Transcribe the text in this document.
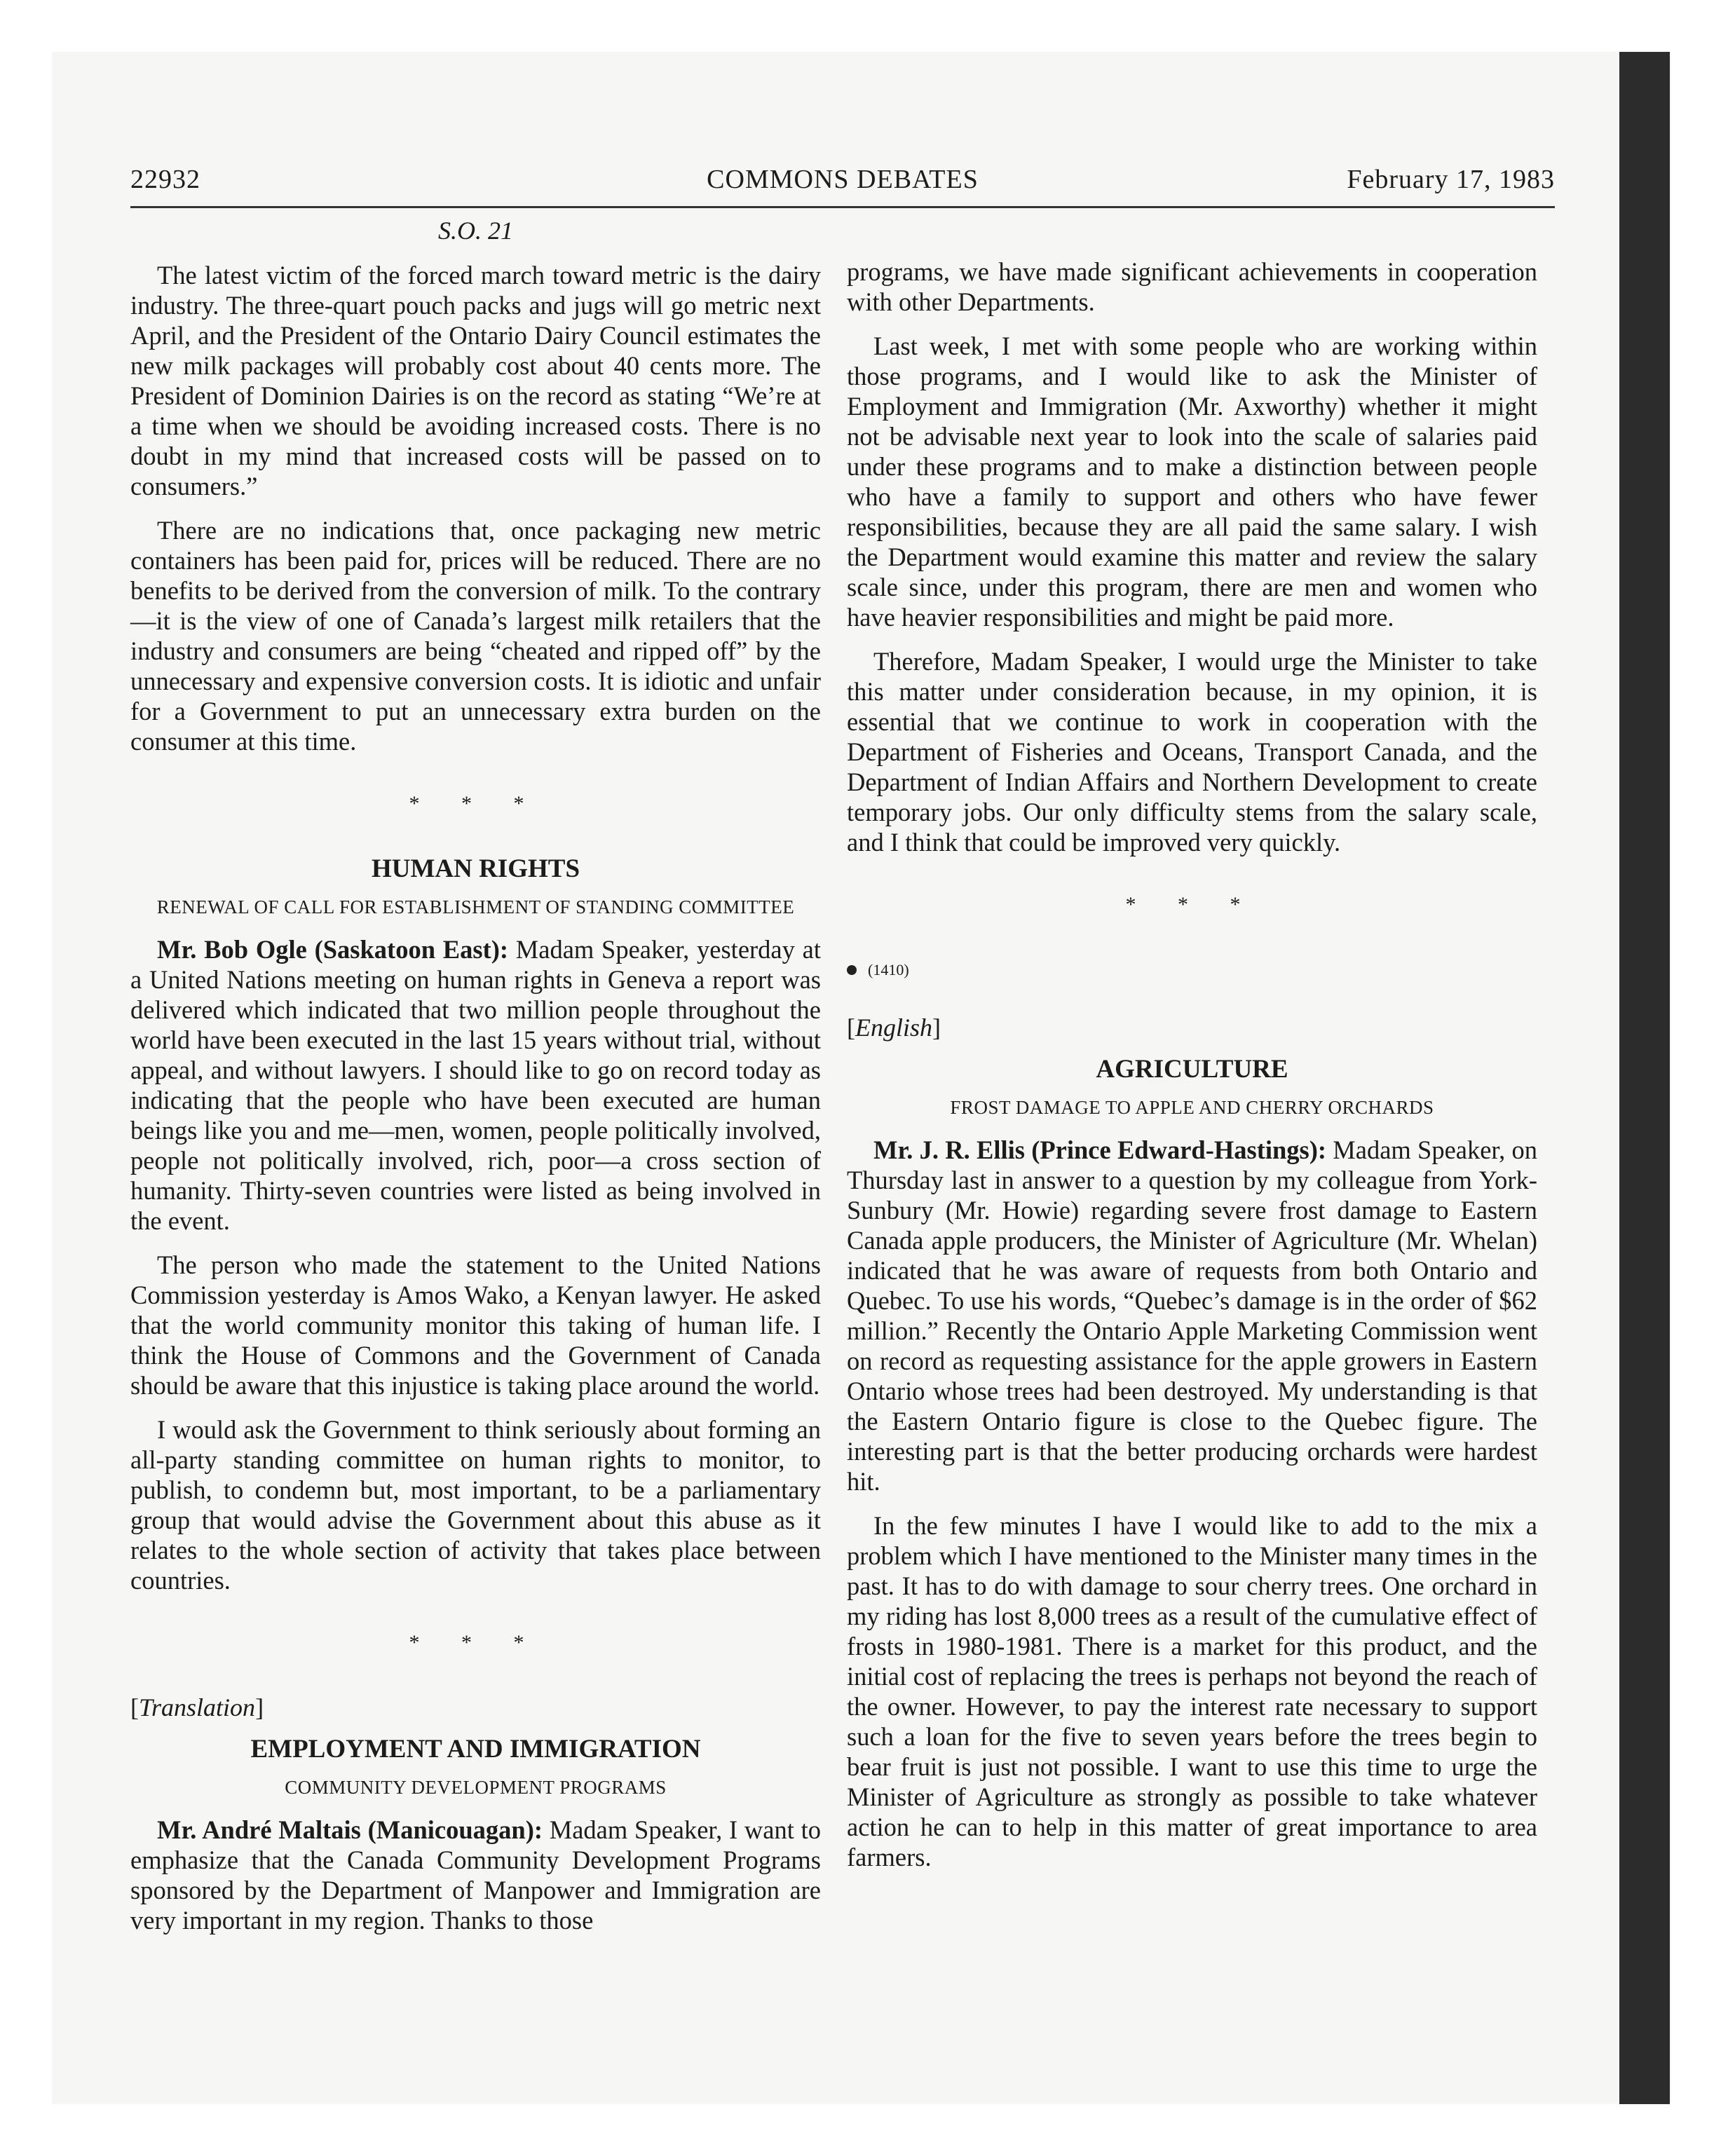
22932	COMMONS DEBATES	February 17, 1983
S.O. 21

The latest victim of the forced march toward metric is the dairy industry. The three-quart pouch packs and jugs will go metric next April, and the President of the Ontario Dairy Council estimates the new milk packages will probably cost about 40 cents more. The President of Dominion Dairies is on the record as stating “We’re at a time when we should be avoiding increased costs. There is no doubt in my mind that increased costs will be passed on to consumers.”

There are no indications that, once packaging new metric containers has been paid for, prices will be reduced. There are no benefits to be derived from the conversion of milk. To the contrary—it is the view of one of Canada’s largest milk retailers that the industry and consumers are being “cheated and ripped off” by the unnecessary and expensive conversion costs. It is idiotic and unfair for a Government to put an unnecessary extra burden on the consumer at this time.

* * *
HUMAN RIGHTS
RENEWAL OF CALL FOR ESTABLISHMENT OF STANDING COMMITTEE

Mr. Bob Ogle (Saskatoon East): Madam Speaker, yesterday at a United Nations meeting on human rights in Geneva a report was delivered which indicated that two million people throughout the world have been executed in the last 15 years without trial, without appeal, and without lawyers. I should like to go on record today as indicating that the people who have been executed are human beings like you and me—men, women, people politically involved, people not politically involved, rich, poor—a cross section of humanity. Thirty-seven countries were listed as being involved in the event.

The person who made the statement to the United Nations Commission yesterday is Amos Wako, a Kenyan lawyer. He asked that the world community monitor this taking of human life. I think the House of Commons and the Government of Canada should be aware that this injustice is taking place around the world.

I would ask the Government to think seriously about forming an all-party standing committee on human rights to monitor, to publish, to condemn but, most important, to be a parliamentary group that would advise the Government about this abuse as it relates to the whole section of activity that takes place between countries.

* * *
[Translation]
EMPLOYMENT AND IMMIGRATION
COMMUNITY DEVELOPMENT PROGRAMS

Mr. André Maltais (Manicouagan): Madam Speaker, I want to emphasize that the Canada Community Development Programs sponsored by the Department of Manpower and Immigration are very important in my region. Thanks to those

programs, we have made significant achievements in cooperation with other Departments.

Last week, I met with some people who are working within those programs, and I would like to ask the Minister of Employment and Immigration (Mr. Axworthy) whether it might not be advisable next year to look into the scale of salaries paid under these programs and to make a distinction between people who have a family to support and others who have fewer responsibilities, because they are all paid the same salary. I wish the Department would examine this matter and review the salary scale since, under this program, there are men and women who have heavier responsibilities and might be paid more.

Therefore, Madam Speaker, I would urge the Minister to take this matter under consideration because, in my opinion, it is essential that we continue to work in cooperation with the Department of Fisheries and Oceans, Transport Canada, and the Department of Indian Affairs and Northern Development to create temporary jobs. Our only difficulty stems from the salary scale, and I think that could be improved very quickly.

* * *
(1410)
[English]
AGRICULTURE
FROST DAMAGE TO APPLE AND CHERRY ORCHARDS

Mr. J. R. Ellis (Prince Edward-Hastings): Madam Speaker, on Thursday last in answer to a question by my colleague from York-Sunbury (Mr. Howie) regarding severe frost damage to Eastern Canada apple producers, the Minister of Agriculture (Mr. Whelan) indicated that he was aware of requests from both Ontario and Quebec. To use his words, “Quebec’s damage is in the order of $62 million.” Recently the Ontario Apple Marketing Commission went on record as requesting assistance for the apple growers in Eastern Ontario whose trees had been destroyed. My understanding is that the Eastern Ontario figure is close to the Quebec figure. The interesting part is that the better producing orchards were hardest hit.

In the few minutes I have I would like to add to the mix a problem which I have mentioned to the Minister many times in the past. It has to do with damage to sour cherry trees. One orchard in my riding has lost 8,000 trees as a result of the cumulative effect of frosts in 1980-1981. There is a market for this product, and the initial cost of replacing the trees is perhaps not beyond the reach of the owner. However, to pay the interest rate necessary to support such a loan for the five to seven years before the trees begin to bear fruit is just not possible. I want to use this time to urge the Minister of Agriculture as strongly as possible to take whatever action he can to help in this matter of great importance to area farmers.
